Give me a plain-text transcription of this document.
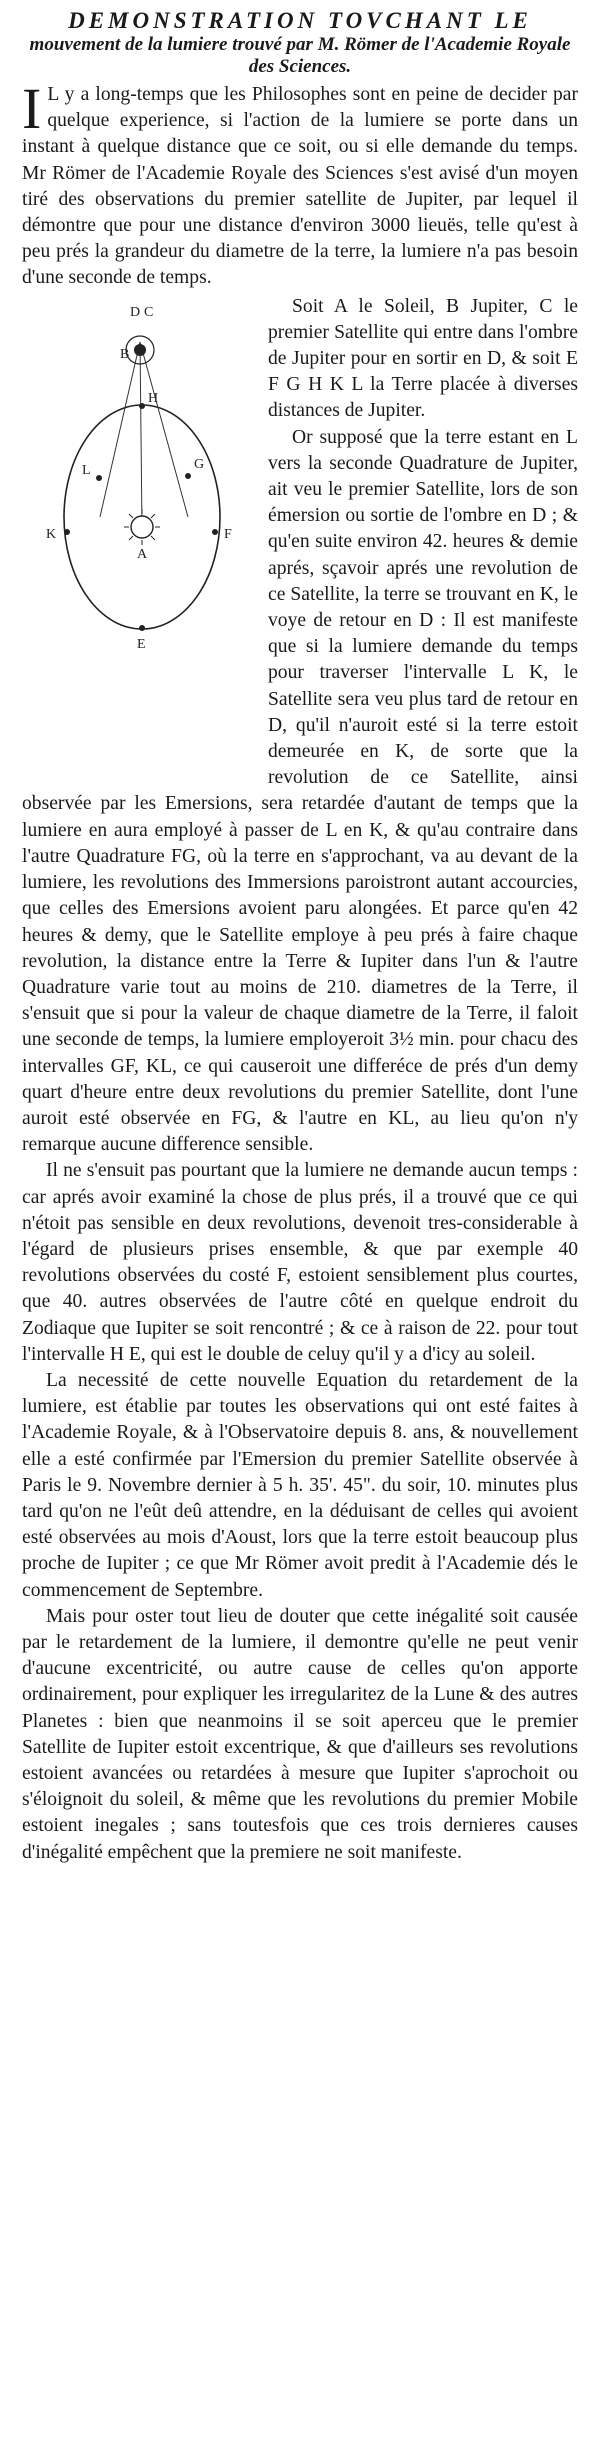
DEMONSTRATION TOVCHANT LE
mouvement de la lumiere trouvé par M. Römer de l'Academie Royale des Sciences.

I L y a long-temps que les Philosophes sont en peine de decider par quelque experience, si l'action de la lumiere se porte dans un instant à quelque distance que ce soit, ou si elle demande du temps. Mr Römer de l'Academie Royale des Sciences s'est avisé d'un moyen tiré des observations du premier satellite de Jupiter, par lequel il démontre que pour une distance d'environ 3000 lieuës, telle qu'est à peu prés la grandeur du diametre de la terre, la lumiere n'a pas besoin d'une seconde de temps.

D C
B
H
G
L
K
A
F
E

Soit A le Soleil, B Jupiter, C le premier Satellite qui entre dans l'ombre de Jupiter pour en sortir en D, & soit E F G H K L la Terre placée à diverses distances de Jupiter.

Or supposé que la terre estant en L vers la seconde Quadrature de Jupiter, ait veu le premier Satellite, lors de son émersion ou sortie de l'ombre en D ; & qu'en suite environ 42. heures & demie aprés, sçavoir aprés une revolution de ce Satellite, la terre se trouvant en K, le voye de retour en D : Il est manifeste que si la lumiere demande du temps pour traverser l'intervalle L K, le Satellite sera veu plus tard de retour en D, qu'il n'auroit esté si la terre estoit demeurée en K, de sorte que la revolution de ce Satellite, ainsi observée par les Emersions, sera retardée d'autant de temps que la lumiere en aura employé à passer de L en K, & qu'au contraire dans l'autre Quadrature FG, où la terre en s'approchant, va au devant de la lumiere, les revolutions des Immersions paroistront autant accourcies, que celles des Emersions avoient paru alongées. Et parce qu'en 42 heures & demy, que le Satellite employe à peu prés à faire chaque revolution, la distance entre la Terre & Iupiter dans l'un & l'autre Quadrature varie tout au moins de 210. diametres de la Terre, il s'ensuit que si pour la valeur de chaque diametre de la Terre, il faloit une seconde de temps, la lumiere employeroit 3½ min. pour chacu des intervalles GF, KL, ce qui causeroit une differéce de prés d'un demy quart d'heure entre deux revolutions du premier Satellite, dont l'une auroit esté observée en FG, & l'autre en KL, au lieu qu'on n'y remarque aucune difference sensible.

Il ne s'ensuit pas pourtant que la lumiere ne demande aucun temps : car aprés avoir examiné la chose de plus prés, il a trouvé que ce qui n'étoit pas sensible en deux revolutions, devenoit tres-considerable à l'égard de plusieurs prises ensemble, & que par exemple 40 revolutions observées du costé F, estoient sensiblement plus courtes, que 40. autres observées de l'autre côté en quelque endroit du Zodiaque que Iupiter se soit rencontré ; & ce à raison de 22. pour tout l'intervalle H E, qui est le double de celuy qu'il y a d'icy au soleil.

La necessité de cette nouvelle Equation du retardement de la lumiere, est établie par toutes les observations qui ont esté faites à l'Academie Royale, & à l'Observatoire depuis 8. ans, & nouvellement elle a esté confirmée par l'Emersion du premier Satellite observée à Paris le 9. Novembre dernier à 5 h. 35'. 45". du soir, 10. minutes plus tard qu'on ne l'eût deû attendre, en la déduisant de celles qui avoient esté observées au mois d'Aoust, lors que la terre estoit beaucoup plus proche de Iupiter ; ce que Mr Römer avoit predit à l'Academie dés le commencement de Septembre.

Mais pour oster tout lieu de douter que cette inégalité soit causée par le retardement de la lumiere, il demontre qu'elle ne peut venir d'aucune excentricité, ou autre cause de celles qu'on apporte ordinairement, pour expliquer les irregularitez de la Lune & des autres Planetes : bien que neanmoins il se soit aperceu que le premier Satellite de Iupiter estoit excentrique, & que d'ailleurs ses revolutions estoient avancées ou retardées à mesure que Iupiter s'aprochoit ou s'éloignoit du soleil, & même que les revolutions du premier Mobile estoient inegales ; sans toutesfois que ces trois dernieres causes d'inégalité empêchent que la premiere ne soit manifeste.
